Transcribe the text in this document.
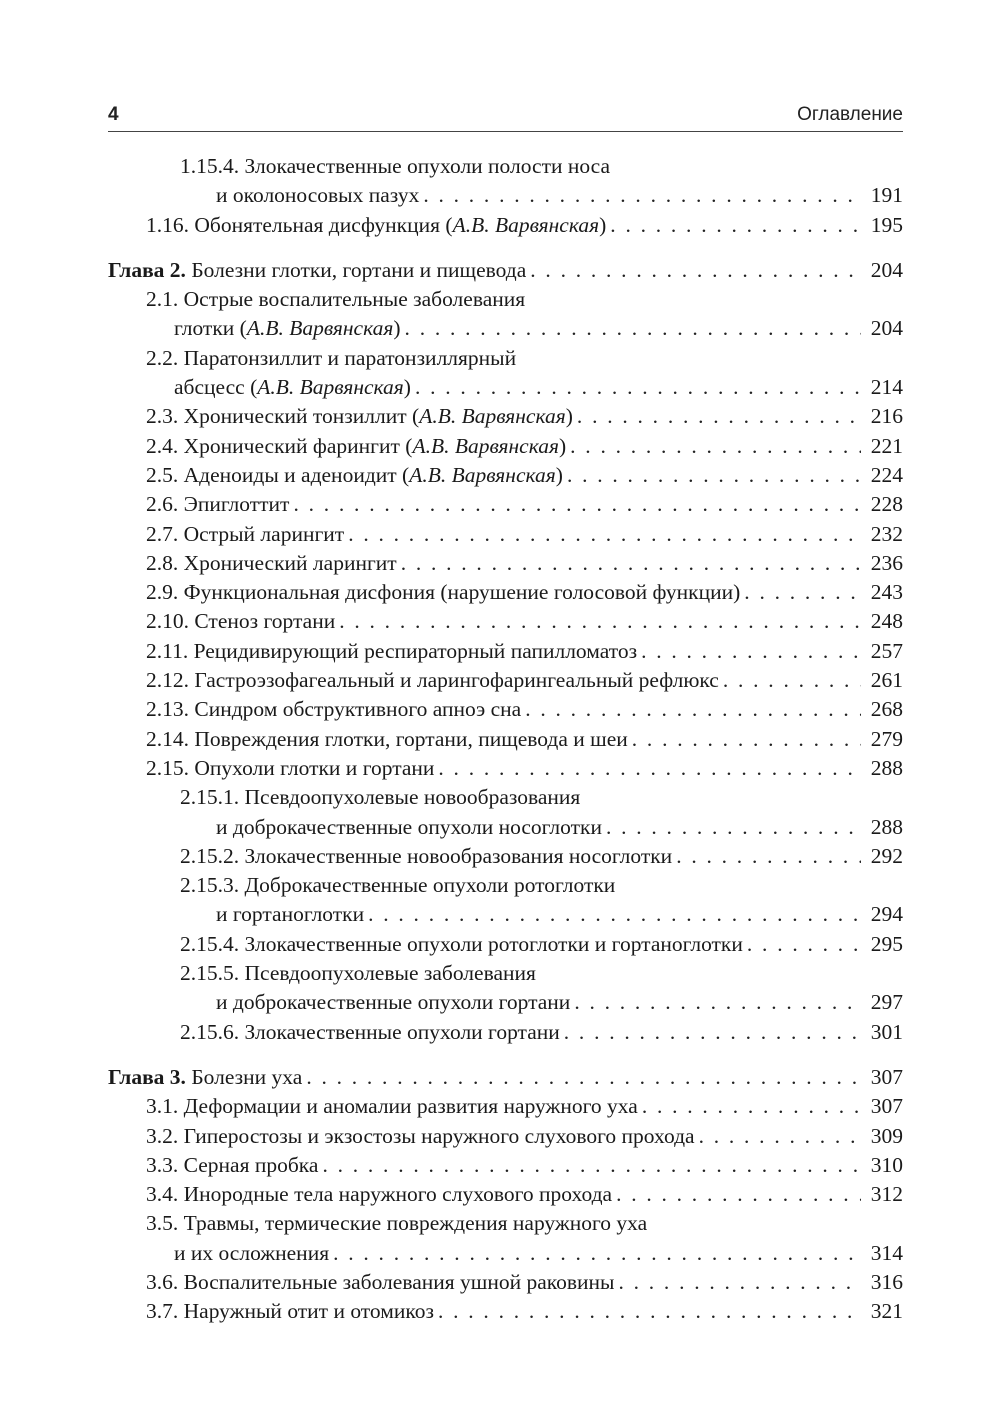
4	Оглавление
1.15.4. Злокачественные опухоли полости носа
и околоносовых пазух . . .	191
1.16. Обонятельная дисфункция (А.В. Варвянская) . . .	195
Глава 2. Болезни глотки, гортани и пищевода . . .	204
2.1. Острые воспалительные заболевания
глотки (А.В. Варвянская) . . .	204
2.2. Паратонзиллит и паратонзиллярный
абсцесс (А.В. Варвянская) . . .	214
2.3. Хронический тонзиллит (А.В. Варвянская) . . .	216
2.4. Хронический фарингит (А.В. Варвянская) . . .	221
2.5. Аденоиды и аденоидит (А.В. Варвянская) . . .	224
2.6. Эпиглоттит . . .	228
2.7. Острый ларингит . . .	232
2.8. Хронический ларингит . . .	236
2.9. Функциональная дисфония (нарушение голосовой функции) . . .	243
2.10. Стеноз гортани . . .	248
2.11. Рецидивирующий респираторный папилломатоз . . .	257
2.12. Гастроэзофагеальный и ларингофарингеальный рефлюкс . . .	261
2.13. Синдром обструктивного апноэ сна . . .	268
2.14. Повреждения глотки, гортани, пищевода и шеи . . .	279
2.15. Опухоли глотки и гортани . . .	288
2.15.1. Псевдоопухолевые новообразования
и доброкачественные опухоли носоглотки . . .	288
2.15.2. Злокачественные новообразования носоглотки . . .	292
2.15.3. Доброкачественные опухоли ротоглотки
и гортаноглотки . . .	294
2.15.4. Злокачественные опухоли ротоглотки и гортаноглотки . . .	295
2.15.5. Псевдоопухолевые заболевания
и доброкачественные опухоли гортани . . .	297
2.15.6. Злокачественные опухоли гортани . . .	301
Глава 3. Болезни уха . . .	307
3.1. Деформации и аномалии развития наружного уха . . .	307
3.2. Гиперостозы и экзостозы наружного слухового прохода . . .	309
3.3. Серная пробка . . .	310
3.4. Инородные тела наружного слухового прохода . . .	312
3.5. Травмы, термические повреждения наружного уха
и их осложнения . . .	314
3.6. Воспалительные заболевания ушной раковины . . .	316
3.7. Наружный отит и отомикоз . . .	321
